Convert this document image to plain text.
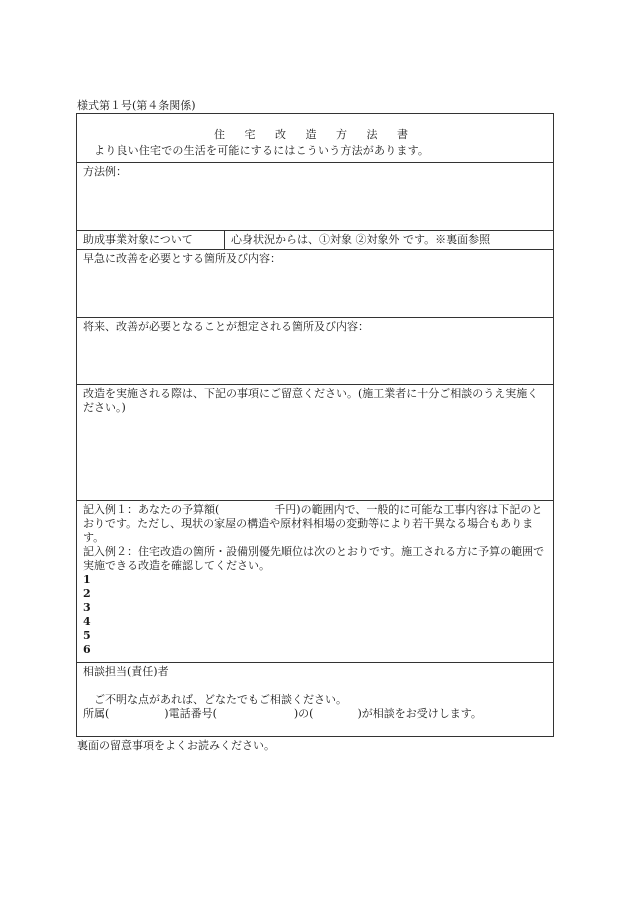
様式第１号(第４条関係)
住 宅 改 造 方 法 書
より良い住宅での生活を可能にするにはこういう方法があります。
方法例：
助成事業対象について	心身状況からは、①対象 ②対象外 です。※裏面参照
早急に改善を必要とする箇所及び内容：
将来、改善が必要となることが想定される箇所及び内容：
改造を実施される際は、下記の事項にご留意ください。(施工業者に十分ご相談のうえ実施ください。)

記入例１：あなたの予算額(　　　　　千円)の範囲内で、一般的に可能な工事内容は下記のとおりです。ただし、現状の家屋の構造や原材料相場の変動等により若干異なる場合もあります。

記入例２：住宅改造の箇所・設備別優先順位は次のとおりです。施工される方に予算の範囲で実施できる改造を確認してください。

1

2

3

4

5

6

相談担当(責任)者
ご不明な点があれば、どなたでもご相談ください。
所属(　　　　　)電話番号(　　　　　　　)の(　　　　)が相談をお受けします。
裏面の留意事項をよくお読みください。
